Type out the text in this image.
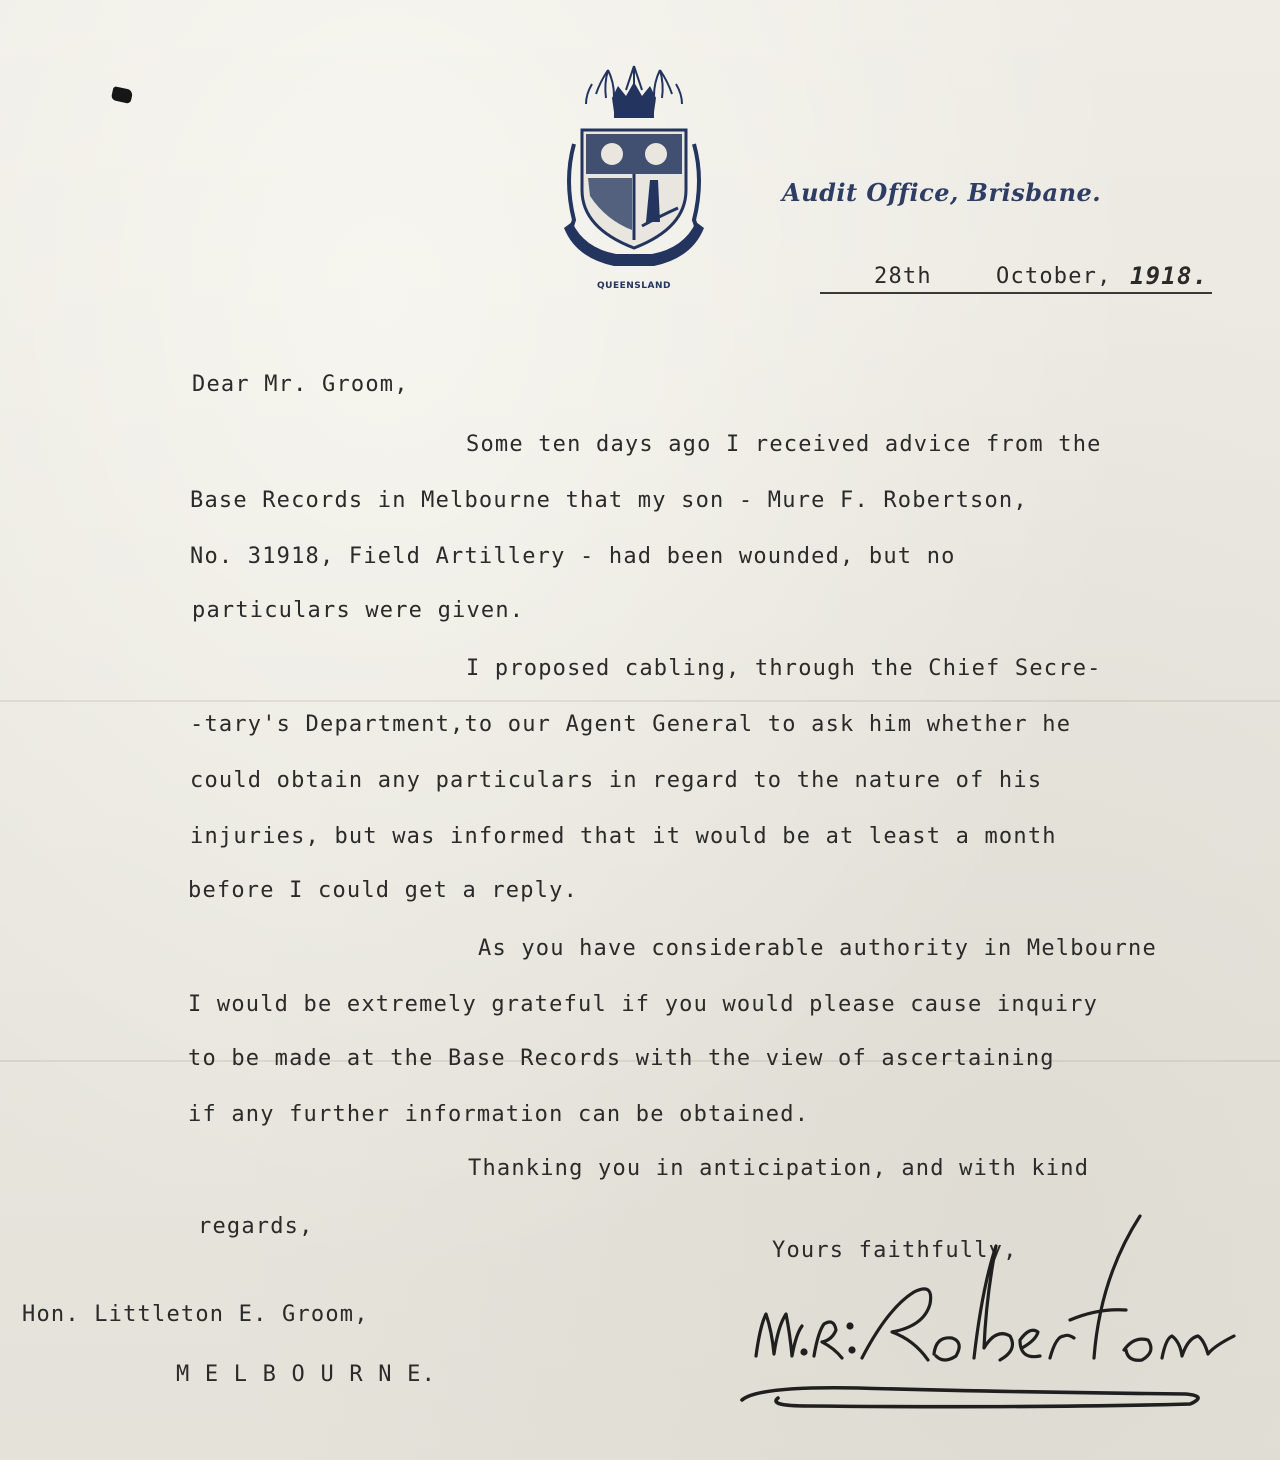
QUEENSLAND
Audit Office, Brisbane.
28th	October, 1918.
Dear Mr. Groom,
Some ten days ago I received advice from the
Base Records in Melbourne that my son - Mure F. Robertson,
No. 31918, Field Artillery - had been wounded, but no
particulars were given.
I proposed cabling, through the Chief Secre-
-tary's Department,to our Agent General to ask him whether he
could obtain any particulars in regard to the nature of his
injuries, but was informed that it would be at least a month
before I could get a reply.
As you have considerable authority in Melbourne
I would be extremely grateful if you would please cause inquiry
to be made at the Base Records with the view of ascertaining
if any further information can be obtained.
Thanking you in anticipation, and with kind
regards,
Yours faithfully,
Hon. Littleton E. Groom,
M E L B O U R N E.
